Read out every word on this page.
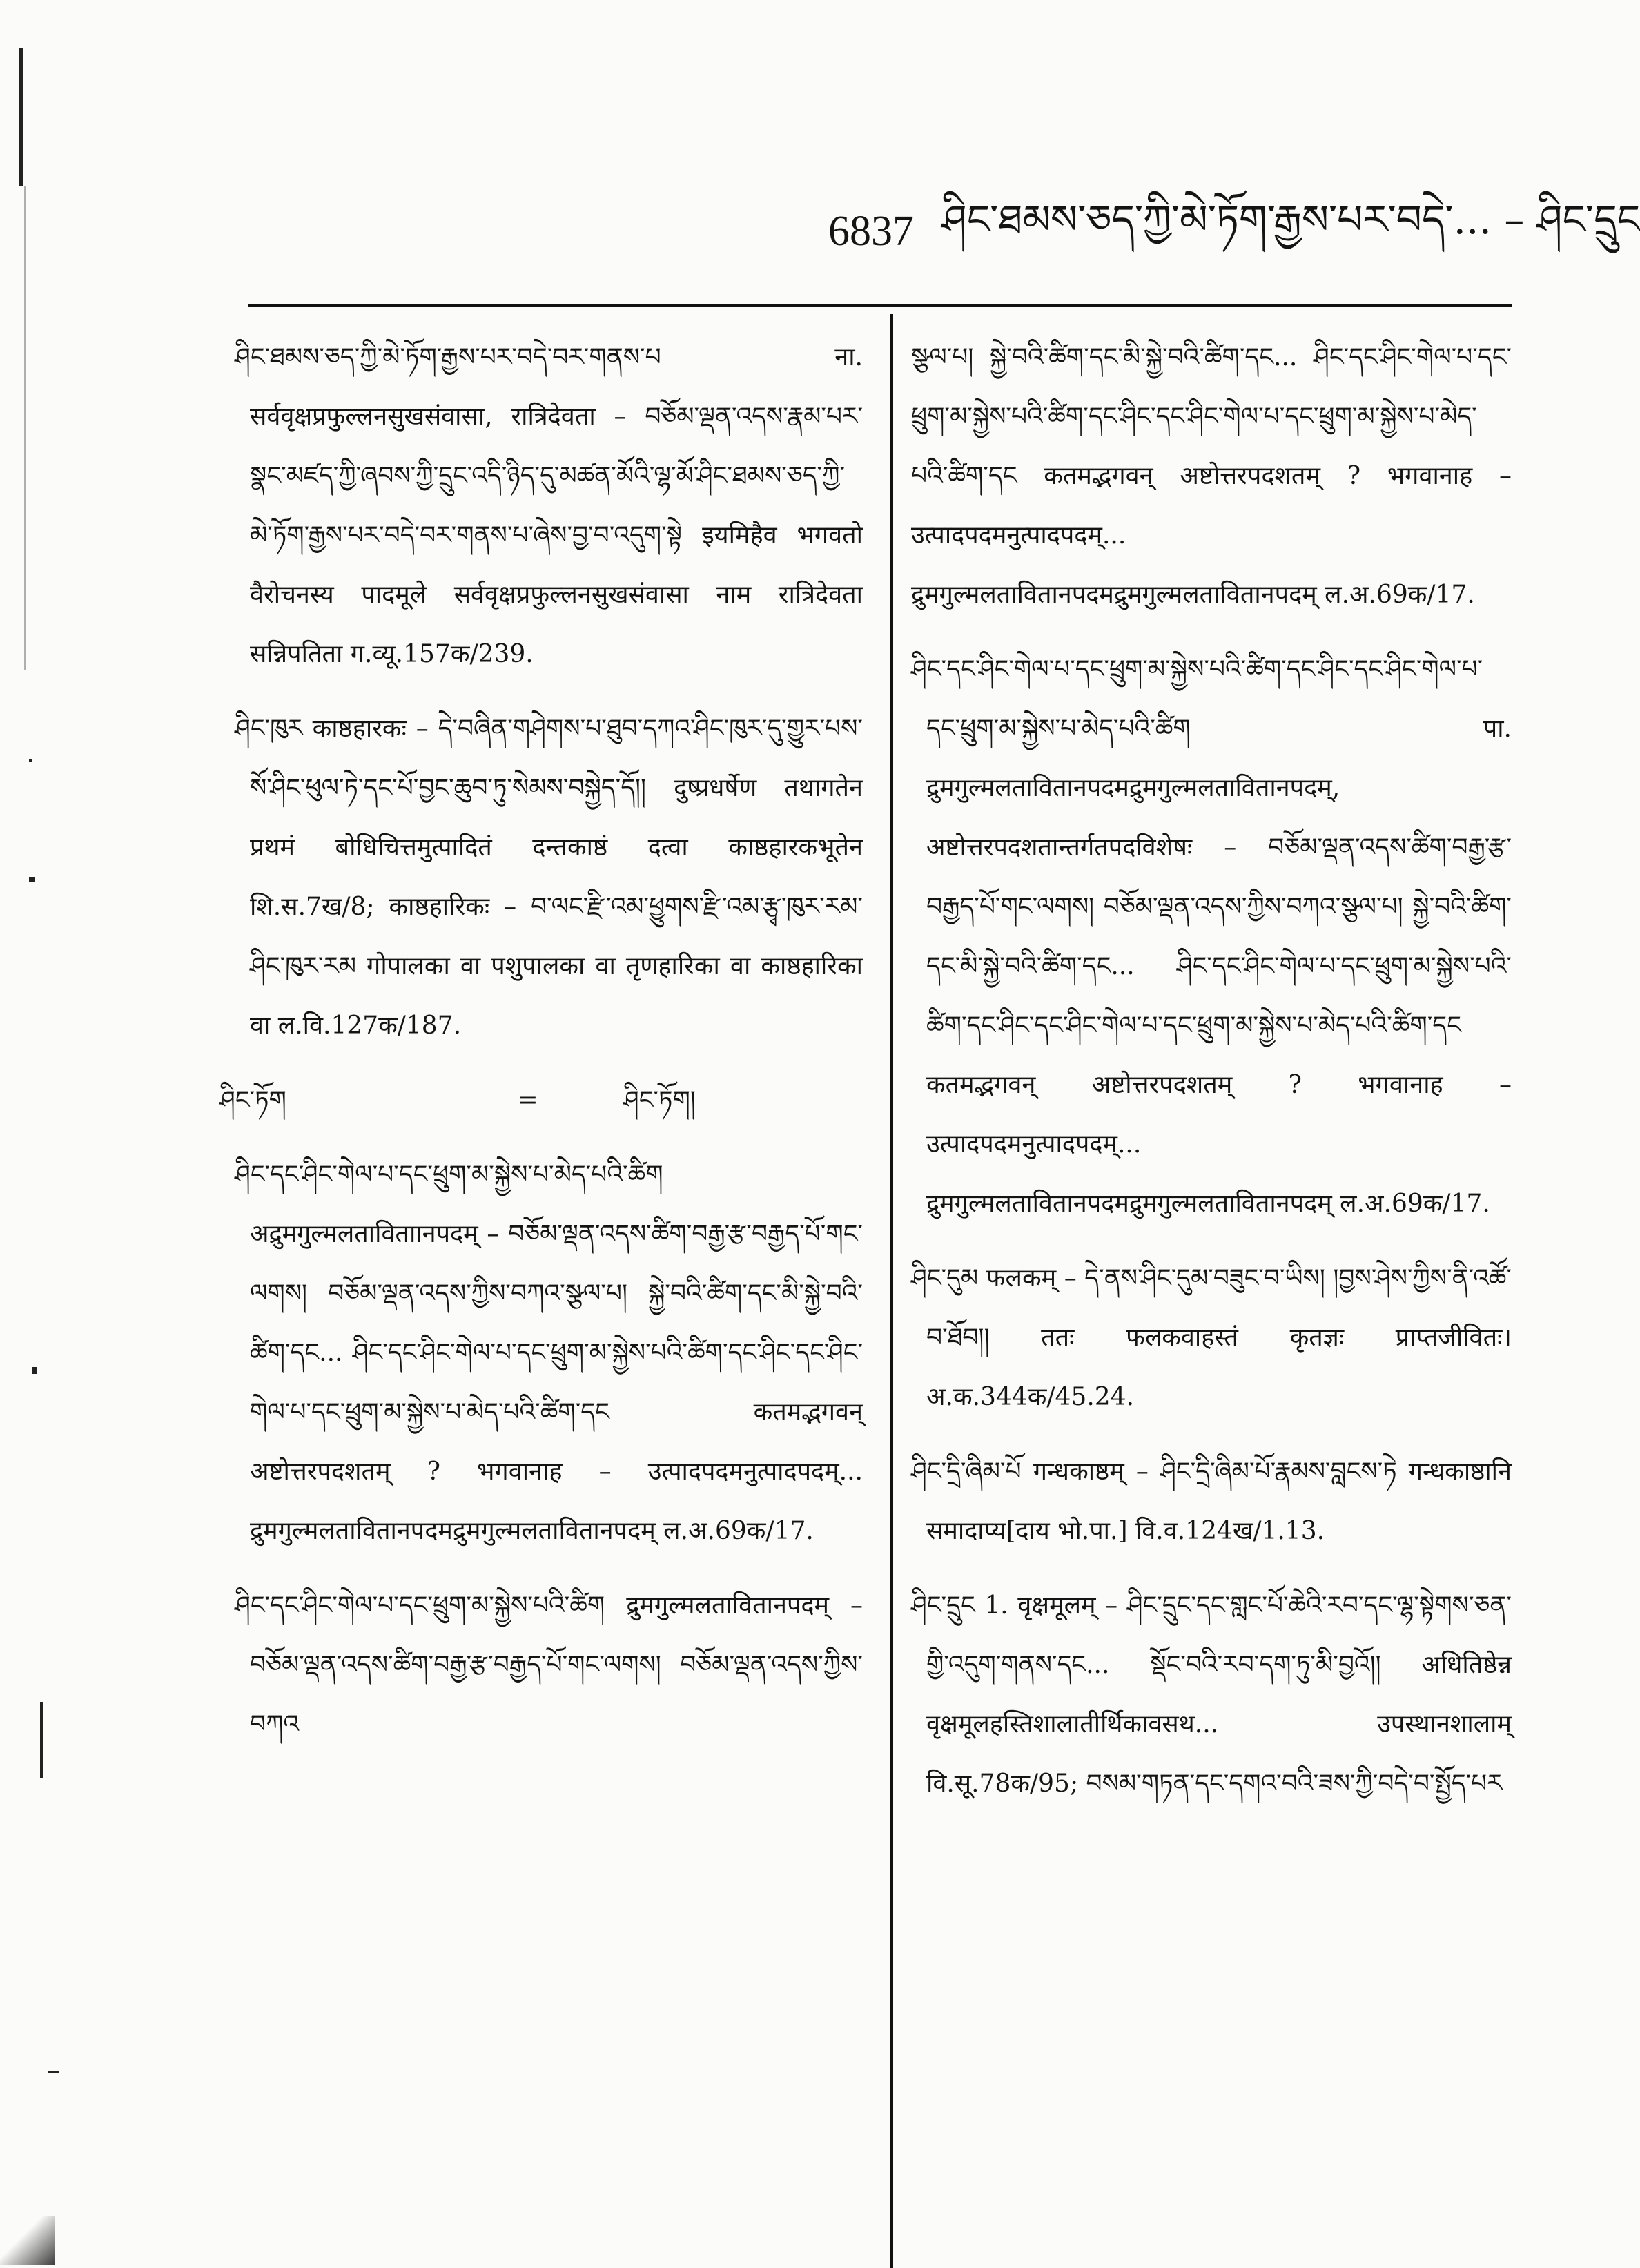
6837 ཤིང་ཐམས་ཅད་ཀྱི་མེ་ཏོག་རྒྱས་པར་བདེ་... – ཤིང་དྲུང

ཤིང་ཐམས་ཅད་ཀྱི་མེ་ཏོག་རྒྱས་པར་བདེ་བར་གནས་པ	ना. सर्ववृक्षप्रफुल्लनसुखसंवासा, रात्रिदेवता – བཅོམ་ལྡན་འདས་རྣམ་པར་སྣང་མཛད་ཀྱི་ཞབས་ཀྱི་དྲུང་འདི་ཉིད་དུ་མཚན་མོའི་ལྷ་མོ་ཤིང་ཐམས་ཅད་ཀྱི་མེ་ཏོག་རྒྱས་པར་བདེ་བར་གནས་པ་ཞེས་བྱ་བ་འདུག་སྟེ इयमिहैव भगवतो वैरोचनस्य पादमूले सर्ववृक्षप्रफुल्लनसुखसंवासा नाम रात्रिदेवता सन्निपतिता ग.व्यू.157क/239.

ཤིང་ཁུར काष्ठहारकः – དེ་བཞིན་གཤེགས་པ་ཐུབ་དཀའ་ཤིང་ཁུར་དུ་གྱུར་པས་སོ་ཤིང་ཕུལ་ཏེ་དང་པོ་བྱང་ཆུབ་ཏུ་སེམས་བསྐྱེད་དོ།། दुष्प्रधर्षेण तथागतेन प्रथमं बोधिचित्तमुत्पादितं दन्तकाष्ठं दत्वा काष्ठहारकभूतेन शि.स.7ख/8; काष्ठहारिकः – བ་ལང་རྫི་འམ་ཕྱུགས་རྫི་འམ་རྩྭ་ཁུར་རམ་ཤིང་ཁུར་རམ गोपालका वा पशुपालका वा तृणहारिका वा काष्ठहारिका वा ल.वि.127क/187.

ཤིང་ཏོག	=	ཤིང་ཏོག།

ཤིང་དང་ཤིང་གེལ་པ་དང་ཕྲུག་མ་སྐྱེས་པ་མེད་པའི་ཚིག अद्रुमगुल्मलताविताानपदम् – བཅོམ་ལྡན་འདས་ཚིག་བརྒྱ་རྩ་བརྒྱད་པོ་གང་ལགས། བཅོམ་ལྡན་འདས་ཀྱིས་བཀའ་སྩལ་པ། སྐྱེ་བའི་ཚིག་དང་མི་སྐྱེ་བའི་ཚིག་དང... ཤིང་དང་ཤིང་གེལ་པ་དང་ཕྲུག་མ་སྐྱེས་པའི་ཚིག་དང་ཤིང་དང་ཤིང་གེལ་པ་དང་ཕྲུག་མ་སྐྱེས་པ་མེད་པའི་ཚིག་དང कतमद्भगवन् अष्टोत्तरपदशतम् ? भगवानाह – उत्पादपदमनुत्पादपदम्... द्रुमगुल्मलतावितानपदमद्रुमगुल्मलतावितानपदम् ल.अ.69क/17.

ཤིང་དང་ཤིང་གེལ་པ་དང་ཕྲུག་མ་སྐྱེས་པའི་ཚིག द्रुमगुल्मलतावितानपदम् – བཅོམ་ལྡན་འདས་ཚིག་བརྒྱ་རྩ་བརྒྱད་པོ་གང་ལགས། བཅོམ་ལྡན་འདས་ཀྱིས་བཀའ

སྩལ་པ། སྐྱེ་བའི་ཚིག་དང་མི་སྐྱེ་བའི་ཚིག་དང... ཤིང་དང་ཤིང་གེལ་པ་དང་ཕྲུག་མ་སྐྱེས་པའི་ཚིག་དང་ཤིང་དང་ཤིང་གེལ་པ་དང་ཕྲུག་མ་སྐྱེས་པ་མེད་པའི་ཚིག་དང कतमद्भगवन् अष्टोत्तरपदशतम् ? भगवानाह – उत्पादपदमनुत्पादपदम्... द्रुमगुल्मलतावितानपदमद्रुमगुल्मलतावितानपदम् ल.अ.69क/17.

ཤིང་དང་ཤིང་གེལ་པ་དང་ཕྲུག་མ་སྐྱེས་པའི་ཚིག་དང་ཤིང་དང་ཤིང་གེལ་པ་དང་ཕྲུག་མ་སྐྱེས་པ་མེད་པའི་ཚིག	पा. द्रुमगुल्मलतावितानपदमद्रुमगुल्मलतावितानपदम्, अष्टोत्तरपदशतान्तर्गतपदविशेषः – བཅོམ་ལྡན་འདས་ཚིག་བརྒྱ་རྩ་བརྒྱད་པོ་གང་ལགས། བཅོམ་ལྡན་འདས་ཀྱིས་བཀའ་སྩལ་པ། སྐྱེ་བའི་ཚིག་དང་མི་སྐྱེ་བའི་ཚིག་དང... ཤིང་དང་ཤིང་གེལ་པ་དང་ཕྲུག་མ་སྐྱེས་པའི་ཚིག་དང་ཤིང་དང་ཤིང་གེལ་པ་དང་ཕྲུག་མ་སྐྱེས་པ་མེད་པའི་ཚིག་དང कतमद्भगवन् अष्टोत्तरपदशतम् ? भगवानाह – उत्पादपदमनुत्पादपदम्... द्रुमगुल्मलतावितानपदमद्रुमगुल्मलतावितानपदम् ल.अ.69क/17.

ཤིང་དུམ फलकम् – དེ་ནས་ཤིང་དུམ་བཟུང་བ་ཡིས། །བྱས་ཤེས་ཀྱིས་ནི་འཚོ་བ་ཐོབ།། ततः फलकवाहस्तं कृतज्ञः प्राप्तजीवितः। अ.क.344क/45.24.

ཤིང་དྲི་ཞིམ་པོ गन्धकाष्ठम् – ཤིང་དྲི་ཞིམ་པོ་རྣམས་བླངས་ཏེ गन्धकाष्ठानि समादाप्य[दाय भो.पा.] वि.व.124ख/1.13.

ཤིང་དྲུང 1. वृक्षमूलम् – ཤིང་དྲུང་དང་གླང་པོ་ཆེའི་རབ་དང་ལྷ་སྟེགས་ཅན་གྱི་འདུག་གནས་དང... སྡོང་བའི་རབ་དག་ཏུ་མི་བྱའོ།། अधितिष्ठेन्न वृक्षमूलहस्तिशालातीर्थिकावसथ... उपस्थानशालाम् वि.सू.78क/95; བསམ་གཏན་དང་དགའ་བའི་ཟས་ཀྱི་བདེ་བ་སྤྱོད་པར
